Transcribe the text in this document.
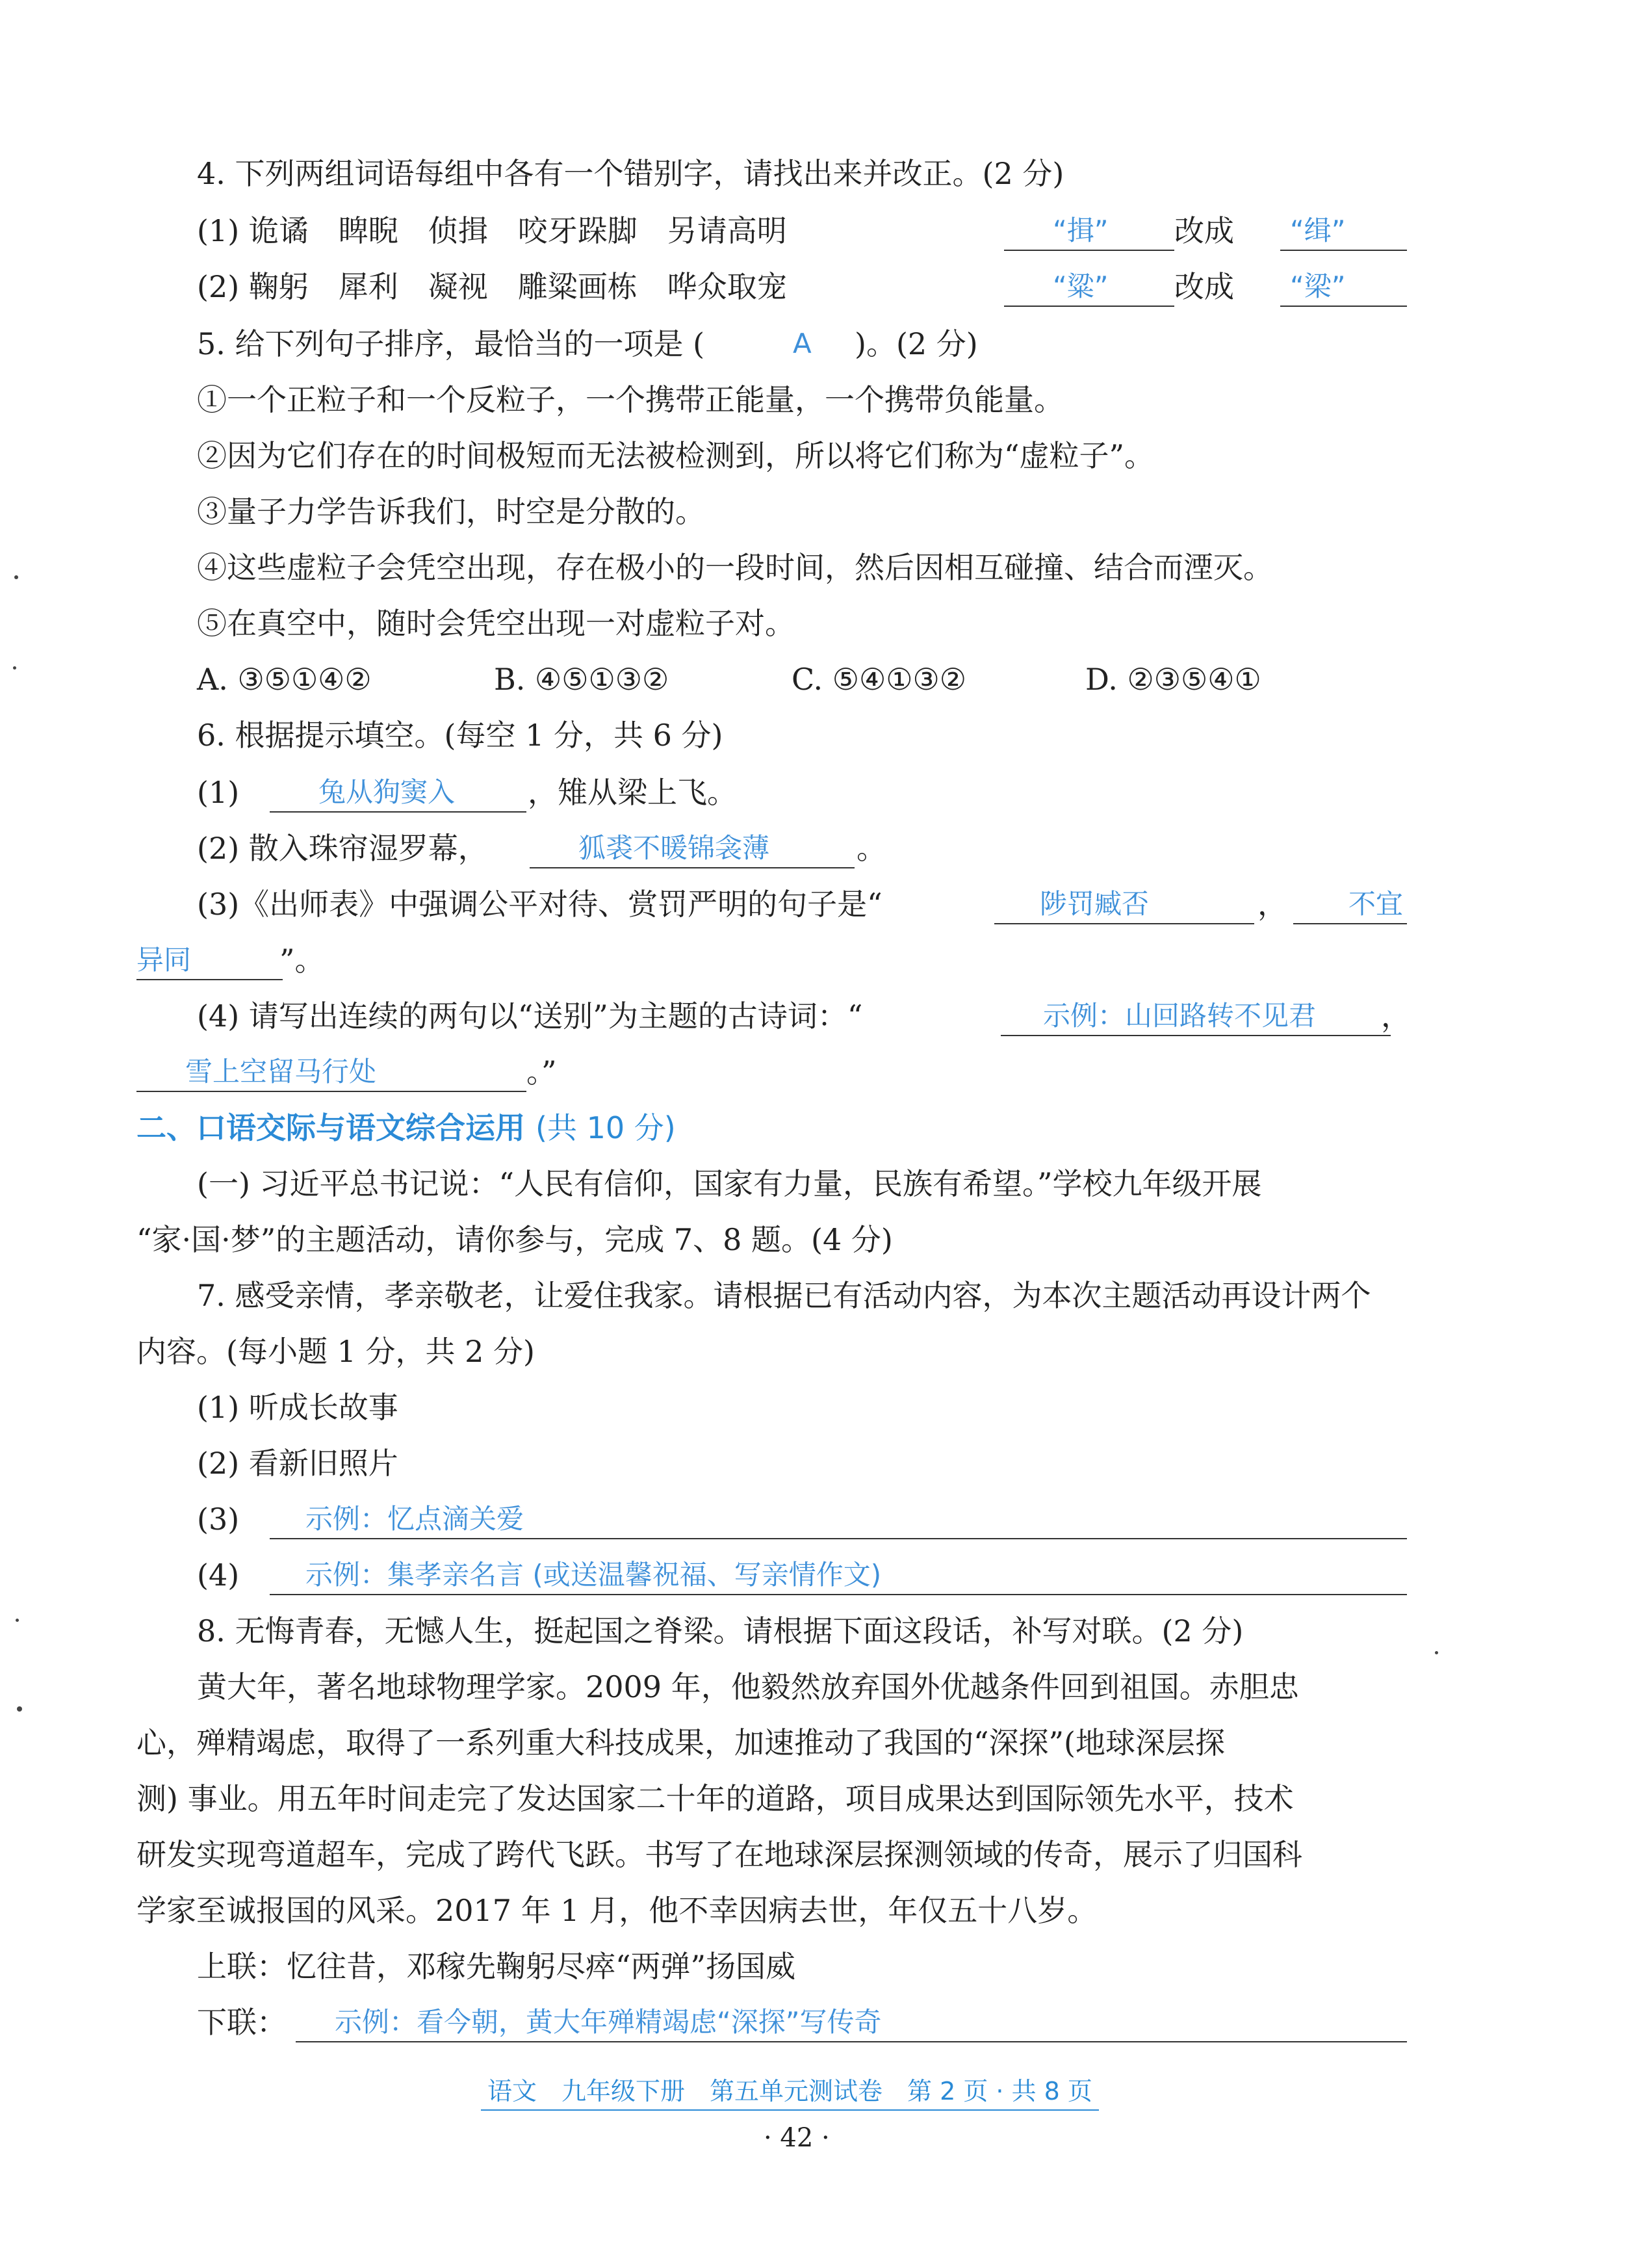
4. 下列两组词语每组中各有一个错别字，请找出来并改正。(2 分)
(1) 诡谲　睥睨　侦揖　咬牙跺脚　另请高明	“揖” 改成 “缉”
(2) 鞠躬　犀利　凝视　雕粱画栋　哗众取宠	“粱” 改成 “梁”
5. 给下列句子排序，最恰当的一项是 (	A )。(2 分)
①一个正粒子和一个反粒子，一个携带正能量，一个携带负能量。
②因为它们存在的时间极短而无法被检测到，所以将它们称为“虚粒子”。
③量子力学告诉我们，时空是分散的。
④这些虚粒子会凭空出现，存在极小的一段时间，然后因相互碰撞、结合而湮灭。
⑤在真空中，随时会凭空出现一对虚粒子对。
A. ③⑤①④②	B. ④⑤①③②	C. ⑤④①③②	D. ②③⑤④①
6. 根据提示填空。(每空 1 分，共 6 分)
(1)	兔从狗窦入 ，雉从梁上飞。
(2) 散入珠帘湿罗幕，	狐裘不暖锦衾薄	。
(3)《出师表》中强调公平对待、赏罚严明的句子是“	陟罚臧否	， 不宜
异同	”。
(4) 请写出连续的两句以“送别”为主题的古诗词：“	示例：山回路转不见君 ，
雪上空留马行处	。”
二、口语交际与语文综合运用 (共 10 分)
(一) 习近平总书记说：“人民有信仰，国家有力量，民族有希望。”学校九年级开展
“家·国·梦”的主题活动，请你参与，完成 7、8 题。(4 分)
7. 感受亲情，孝亲敬老，让爱住我家。请根据已有活动内容，为本次主题活动再设计两个
内容。(每小题 1 分，共 2 分)
(1) 听成长故事
(2) 看新旧照片
(3) 示例：忆点滴关爱
(4) 示例：集孝亲名言 (或送温馨祝福、写亲情作文)
8. 无悔青春，无憾人生，挺起国之脊梁。请根据下面这段话，补写对联。(2 分)
黄大年，著名地球物理学家。2009 年，他毅然放弃国外优越条件回到祖国。赤胆忠
心，殚精竭虑，取得了一系列重大科技成果，加速推动了我国的“深探”(地球深层探
测) 事业。用五年时间走完了发达国家二十年的道路，项目成果达到国际领先水平，技术
研发实现弯道超车，完成了跨代飞跃。书写了在地球深层探测领域的传奇，展示了归国科
学家至诚报国的风采。2017 年 1 月，他不幸因病去世，年仅五十八岁。
上联：忆往昔，邓稼先鞠躬尽瘁“两弹”扬国威
下联： 示例：看今朝，黄大年殚精竭虑“深探”写传奇
语文　九年级下册　第五单元测试卷　第 2 页 · 共 8 页
· 42 ·
